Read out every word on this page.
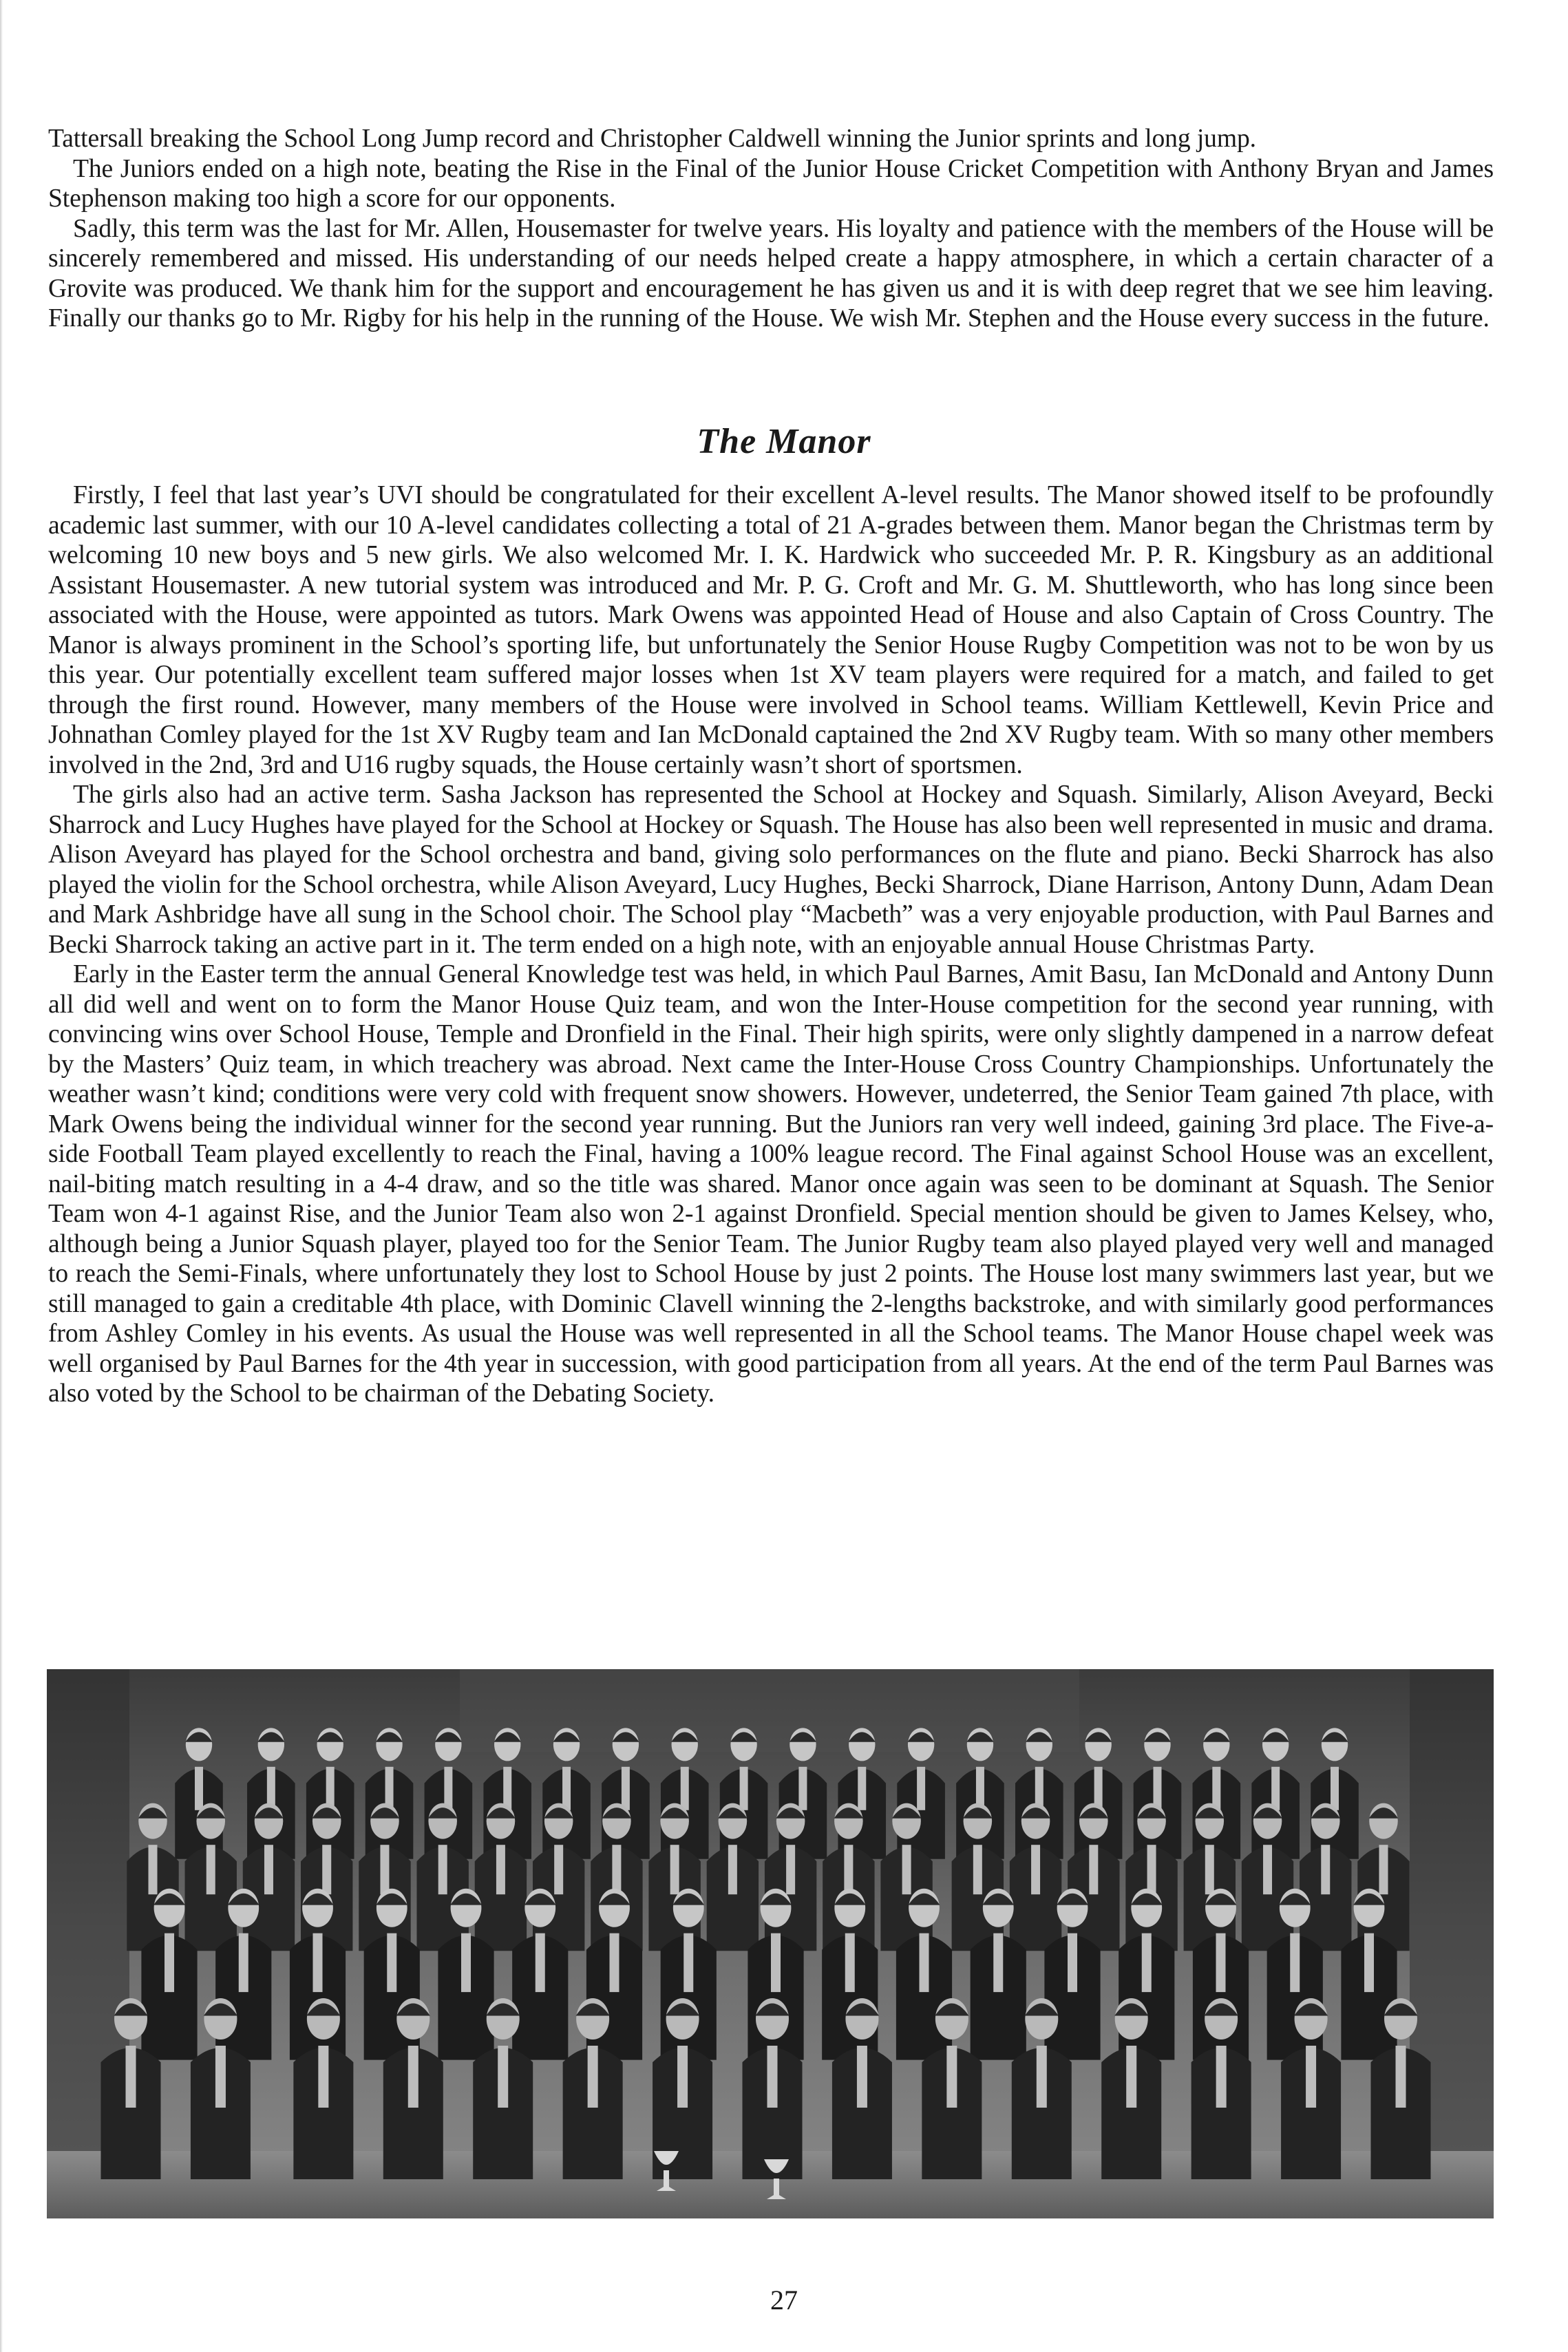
Tattersall breaking the School Long Jump record and Christopher Caldwell winning the Junior sprints and long jump.

The Juniors ended on a high note, beating the Rise in the Final of the Junior House Cricket Competition with Anthony Bryan and James Stephenson making too high a score for our opponents.

Sadly, this term was the last for Mr. Allen, Housemaster for twelve years. His loyalty and patience with the members of the House will be sincerely remembered and missed. His understanding of our needs helped create a happy atmosphere, in which a certain character of a Grovite was produced. We thank him for the support and encouragement he has given us and it is with deep regret that we see him leaving. Finally our thanks go to Mr. Rigby for his help in the running of the House. We wish Mr. Stephen and the House every success in the future.

The Manor

Firstly, I feel that last year’s UVI should be congratulated for their excellent A-level results. The Manor showed itself to be profoundly academic last summer, with our 10 A-level candidates collecting a total of 21 A-grades between them. Manor began the Christmas term by welcoming 10 new boys and 5 new girls. We also welcomed Mr. I. K. Hardwick who succeeded Mr. P. R. Kingsbury as an additional Assistant Housemaster. A new tutorial system was introduced and Mr. P. G. Croft and Mr. G. M. Shuttleworth, who has long since been associated with the House, were appointed as tutors. Mark Owens was appointed Head of House and also Captain of Cross Country. The Manor is always prominent in the School’s sporting life, but unfortunately the Senior House Rugby Competition was not to be won by us this year. Our potentially excellent team suffered major losses when 1st XV team players were required for a match, and failed to get through the first round. However, many members of the House were involved in School teams. William Kettlewell, Kevin Price and Johnathan Comley played for the 1st XV Rugby team and Ian McDonald captained the 2nd XV Rugby team. With so many other members involved in the 2nd, 3rd and U16 rugby squads, the House certainly wasn’t short of sportsmen.

The girls also had an active term. Sasha Jackson has represented the School at Hockey and Squash. Similarly, Alison Aveyard, Becki Sharrock and Lucy Hughes have played for the School at Hockey or Squash. The House has also been well represented in music and drama. Alison Aveyard has played for the School orchestra and band, giving solo performances on the flute and piano. Becki Sharrock has also played the violin for the School orchestra, while Alison Aveyard, Lucy Hughes, Becki Sharrock, Diane Harrison, Antony Dunn, Adam Dean and Mark Ashbridge have all sung in the School choir. The School play “Macbeth” was a very enjoyable production, with Paul Barnes and Becki Sharrock taking an active part in it. The term ended on a high note, with an enjoyable annual House Christmas Party.

Early in the Easter term the annual General Knowledge test was held, in which Paul Barnes, Amit Basu, Ian McDonald and Antony Dunn all did well and went on to form the Manor House Quiz team, and won the Inter-House competition for the second year running, with convincing wins over School House, Temple and Dronfield in the Final. Their high spirits, were only slightly dampened in a narrow defeat by the Masters’ Quiz team, in which treachery was abroad. Next came the Inter-House Cross Country Championships. Unfortunately the weather wasn’t kind; conditions were very cold with frequent snow showers. However, undeterred, the Senior Team gained 7th place, with Mark Owens being the individual winner for the second year running. But the Juniors ran very well indeed, gaining 3rd place. The Five-a-side Football Team played excellently to reach the Final, having a 100% league record. The Final against School House was an excellent, nail-biting match resulting in a 4-4 draw, and so the title was shared. Manor once again was seen to be dominant at Squash. The Senior Team won 4-1 against Rise, and the Junior Team also won 2-1 against Dronfield. Special mention should be given to James Kelsey, who, although being a Junior Squash player, played too for the Senior Team. The Junior Rugby team also played played very well and managed to reach the Semi-Finals, where unfortunately they lost to School House by just 2 points. The House lost many swimmers last year, but we still managed to gain a creditable 4th place, with Dominic Clavell winning the 2-lengths backstroke, and with similarly good performances from Ashley Comley in his events. As usual the House was well represented in all the School teams. The Manor House chapel week was well organised by Paul Barnes for the 4th year in succession, with good participation from all years. At the end of the term Paul Barnes was also voted by the School to be chairman of the Debating Society.

27
